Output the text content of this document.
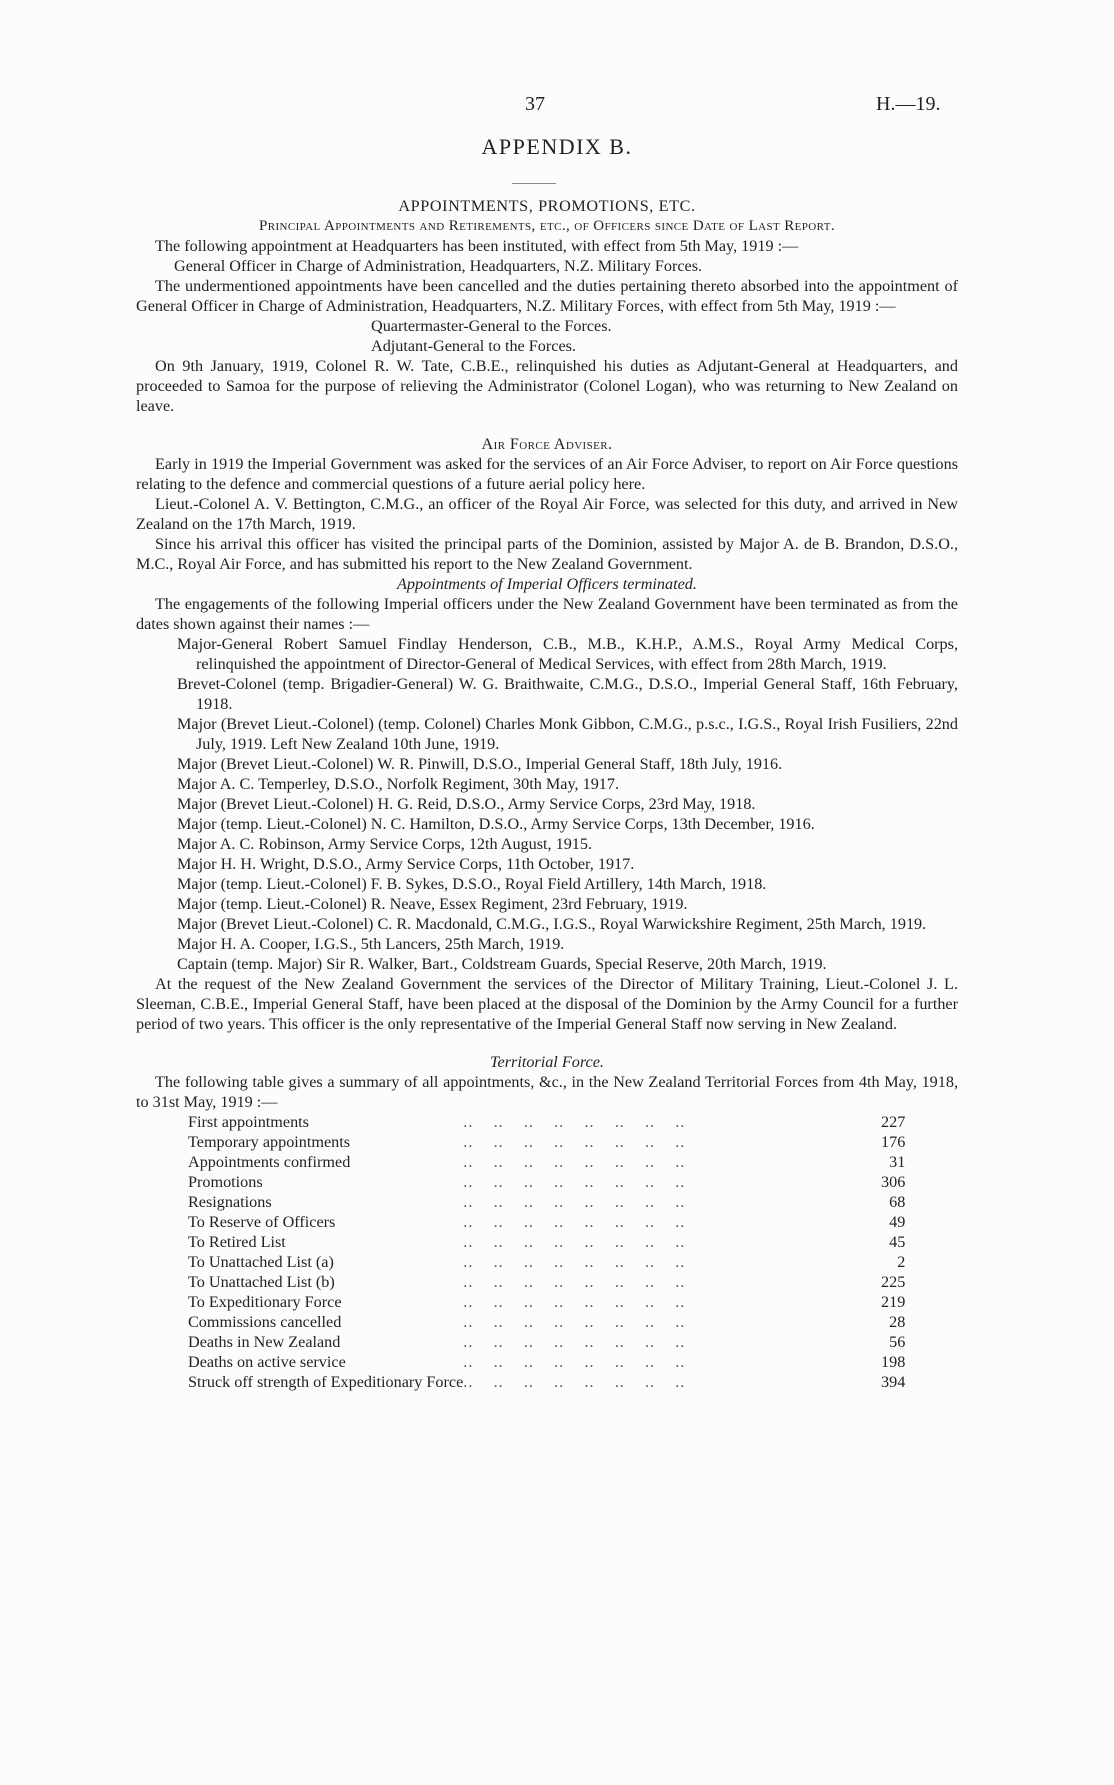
37	H.—19.
APPENDIX B.

APPOINTMENTS, PROMOTIONS, ETC.

Principal Appointments and Retirements, etc., of Officers since Date of Last Report.

The following appointment at Headquarters has been instituted, with effect from 5th May, 1919 :—

General Officer in Charge of Administration, Headquarters, N.Z. Military Forces.

The undermentioned appointments have been cancelled and the duties pertaining thereto absorbed into the appointment of General Officer in Charge of Administration, Headquarters, N.Z. Military Forces, with effect from 5th May, 1919 :—

Quartermaster-General to the Forces.

Adjutant-General to the Forces.

On 9th January, 1919, Colonel R. W. Tate, C.B.E., relinquished his duties as Adjutant-General at Headquarters, and proceeded to Samoa for the purpose of relieving the Administrator (Colonel Logan), who was returning to New Zealand on leave.

Air Force Adviser.

Early in 1919 the Imperial Government was asked for the services of an Air Force Adviser, to report on Air Force questions relating to the defence and commercial questions of a future aerial policy here.

Lieut.-Colonel A. V. Bettington, C.M.G., an officer of the Royal Air Force, was selected for this duty, and arrived in New Zealand on the 17th March, 1919.

Since his arrival this officer has visited the principal parts of the Dominion, assisted by Major A. de B. Brandon, D.S.O., M.C., Royal Air Force, and has submitted his report to the New Zealand Government.

Appointments of Imperial Officers terminated.

The engagements of the following Imperial officers under the New Zealand Government have been terminated as from the dates shown against their names :—

Major-General Robert Samuel Findlay Henderson, C.B., M.B., K.H.P., A.M.S., Royal Army Medical Corps, relinquished the appointment of Director-General of Medical Services, with effect from 28th March, 1919.

Brevet-Colonel (temp. Brigadier-General) W. G. Braithwaite, C.M.G., D.S.O., Imperial General Staff, 16th February, 1918.

Major (Brevet Lieut.-Colonel) (temp. Colonel) Charles Monk Gibbon, C.M.G., p.s.c., I.G.S., Royal Irish Fusiliers, 22nd July, 1919. Left New Zealand 10th June, 1919.

Major (Brevet Lieut.-Colonel) W. R. Pinwill, D.S.O., Imperial General Staff, 18th July, 1916.

Major A. C. Temperley, D.S.O., Norfolk Regiment, 30th May, 1917.

Major (Brevet Lieut.-Colonel) H. G. Reid, D.S.O., Army Service Corps, 23rd May, 1918.

Major (temp. Lieut.-Colonel) N. C. Hamilton, D.S.O., Army Service Corps, 13th December, 1916.

Major A. C. Robinson, Army Service Corps, 12th August, 1915.

Major H. H. Wright, D.S.O., Army Service Corps, 11th October, 1917.

Major (temp. Lieut.-Colonel) F. B. Sykes, D.S.O., Royal Field Artillery, 14th March, 1918.

Major (temp. Lieut.-Colonel) R. Neave, Essex Regiment, 23rd February, 1919.

Major (Brevet Lieut.-Colonel) C. R. Macdonald, C.M.G., I.G.S., Royal Warwickshire Regiment, 25th March, 1919.

Major H. A. Cooper, I.G.S., 5th Lancers, 25th March, 1919.

Captain (temp. Major) Sir R. Walker, Bart., Coldstream Guards, Special Reserve, 20th March, 1919.

At the request of the New Zealand Government the services of the Director of Military Training, Lieut.-Colonel J. L. Sleeman, C.B.E., Imperial General Staff, have been placed at the disposal of the Dominion by the Army Council for a further period of two years. This officer is the only representative of the Imperial General Staff now serving in New Zealand.

Territorial Force.

The following table gives a summary of all appointments, &c., in the New Zealand Territorial Forces from 4th May, 1918, to 31st May, 1919 :—

First appointments	..    ..    ..    ..    ..    ..    ..    ..	227
Temporary appointments	..    ..    ..    ..    ..    ..    ..    ..	176
Appointments confirmed	..    ..    ..    ..    ..    ..    ..    ..	31
Promotions	..    ..    ..    ..    ..    ..    ..    ..	306
Resignations	..    ..    ..    ..    ..    ..    ..    ..	68
To Reserve of Officers	..    ..    ..    ..    ..    ..    ..    ..	49
To Retired List	..    ..    ..    ..    ..    ..    ..    ..	45
To Unattached List (a)	..    ..    ..    ..    ..    ..    ..    ..	2
To Unattached List (b)	..    ..    ..    ..    ..    ..    ..    ..	225
To Expeditionary Force	..    ..    ..    ..    ..    ..    ..    ..	219
Commissions cancelled	..    ..    ..    ..    ..    ..    ..    ..	28
Deaths in New Zealand	..    ..    ..    ..    ..    ..    ..    ..	56
Deaths on active service	..    ..    ..    ..    ..    ..    ..    ..	198
Struck off strength of Expeditionary Force	..    ..    ..    ..    ..    ..    ..    ..	394
